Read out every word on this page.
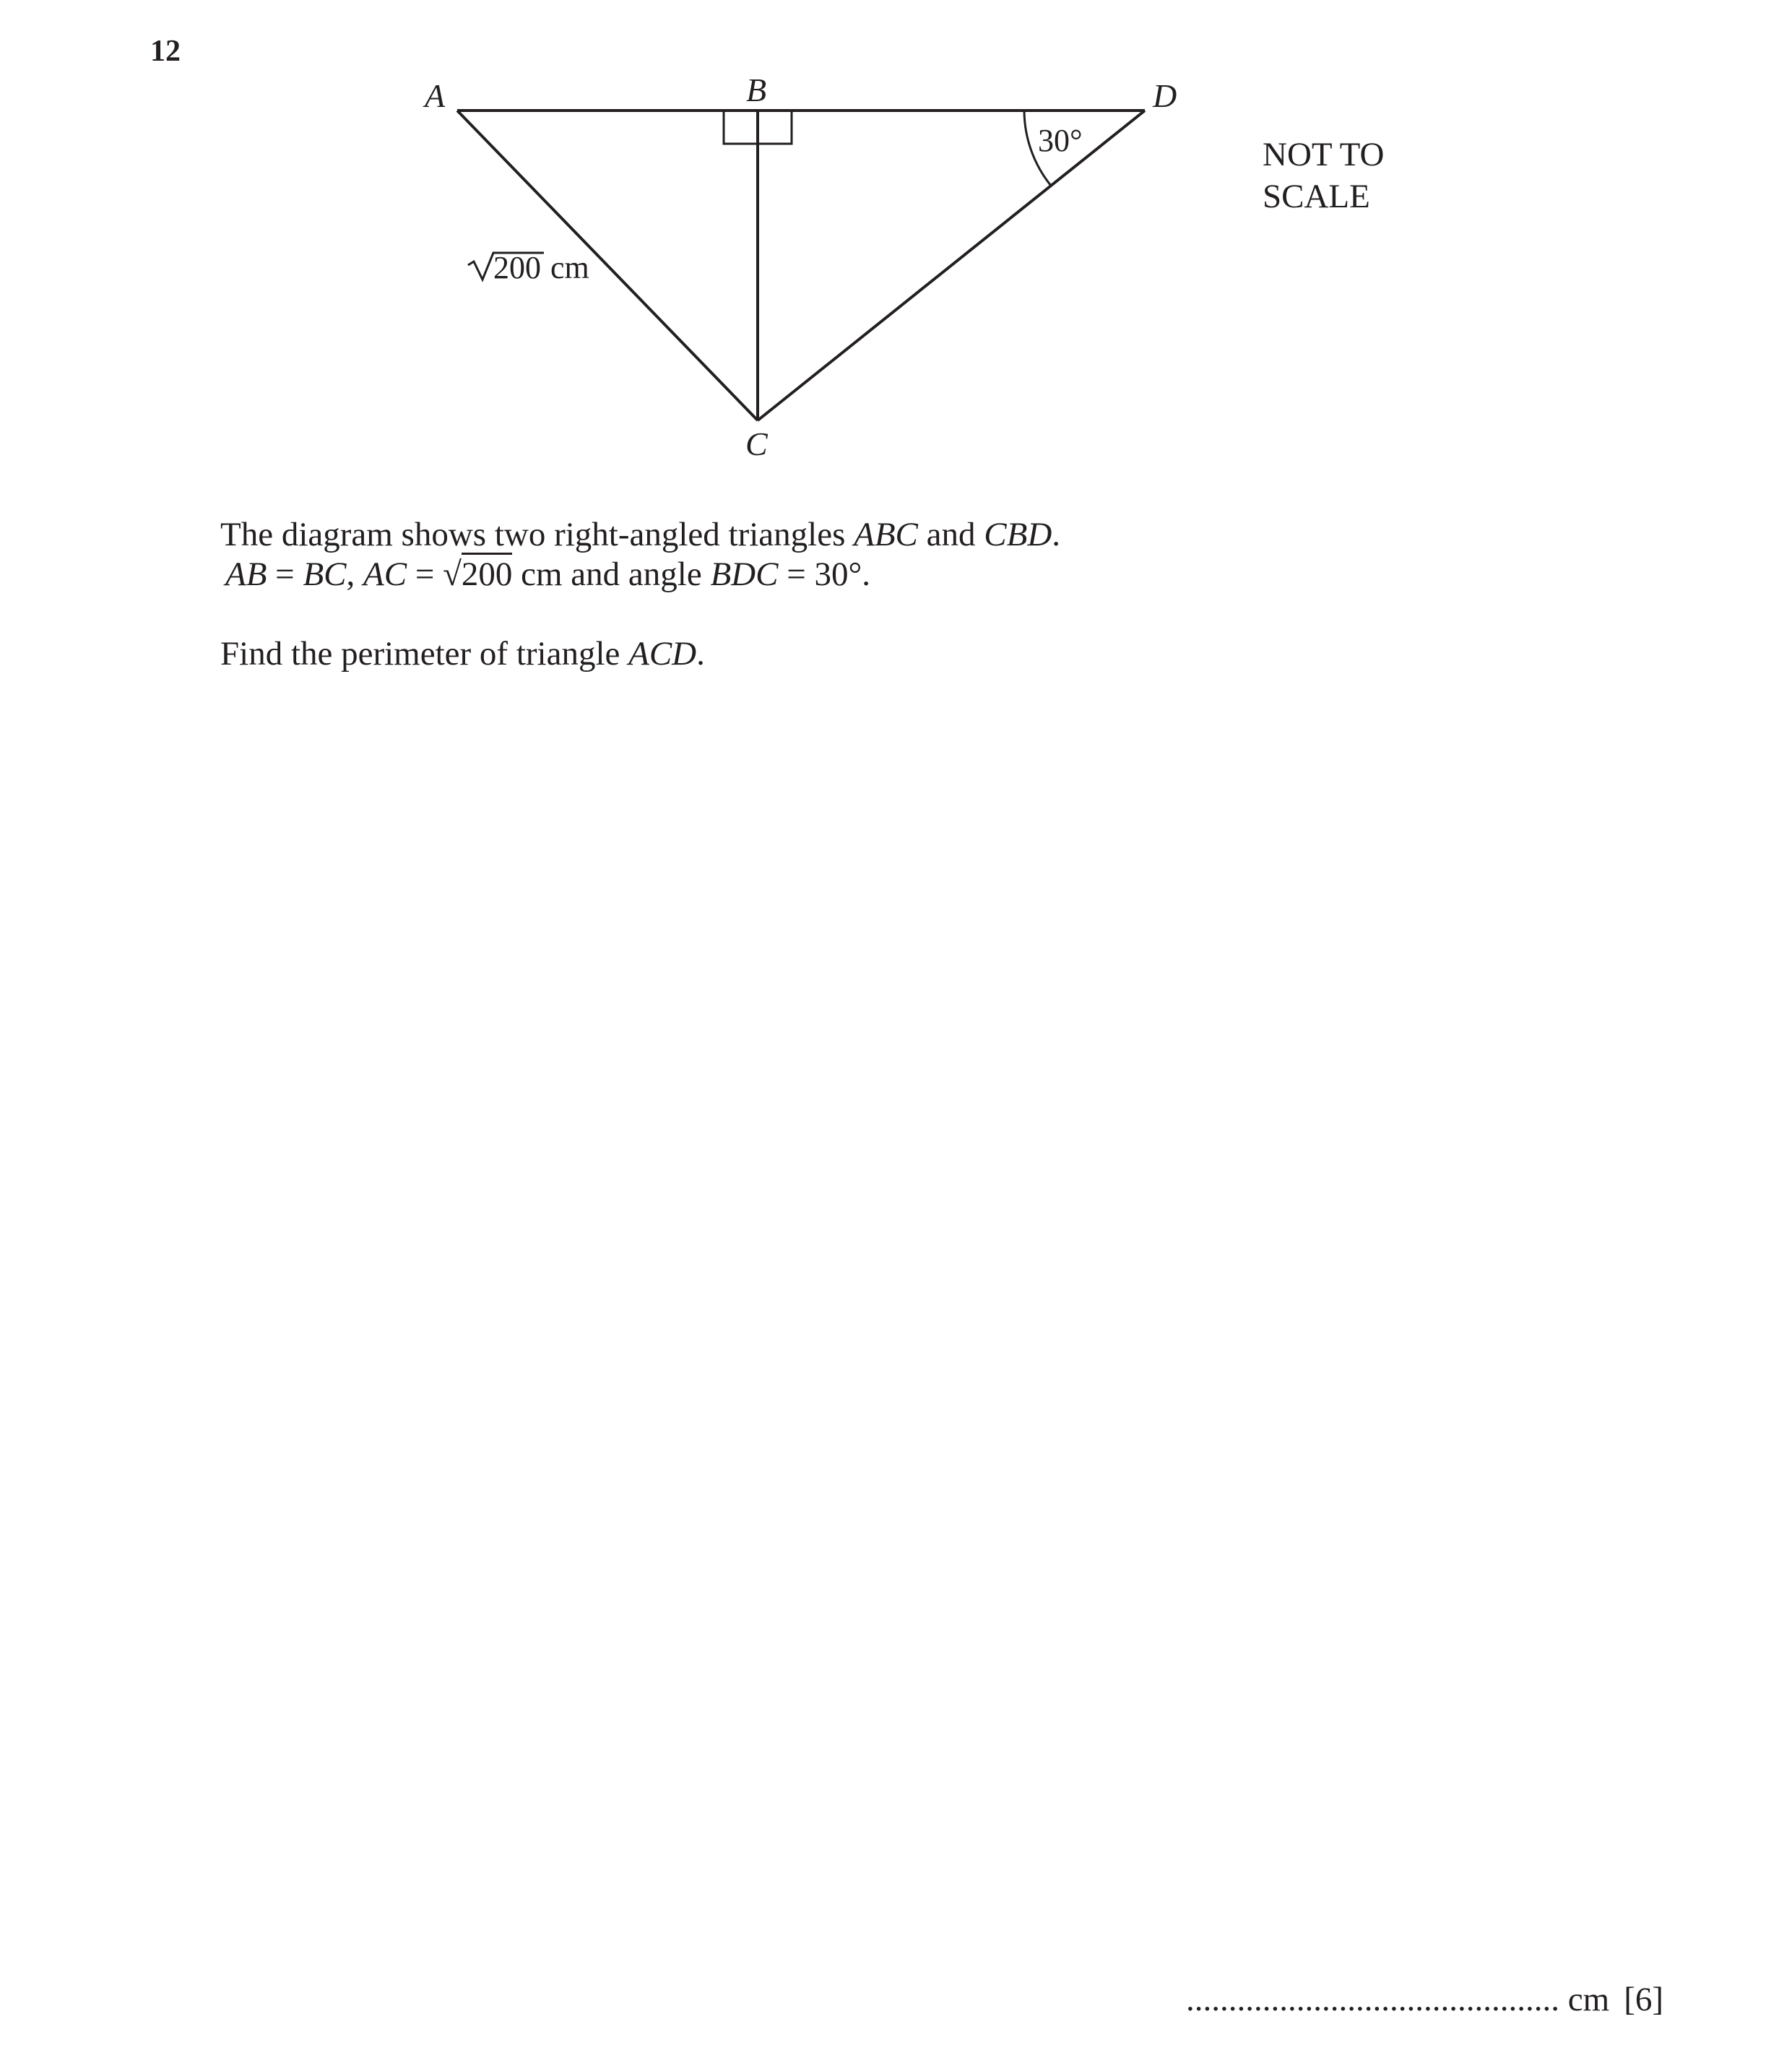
12
A	B	D
C
30°
200 cm
NOT TO
SCALE
The diagram shows two right-angled triangles ABC and CBD.
AB = BC, AC = √200 cm and angle BDC = 30°.
Find the perimeter of triangle ACD.
............................................ cm [6]
